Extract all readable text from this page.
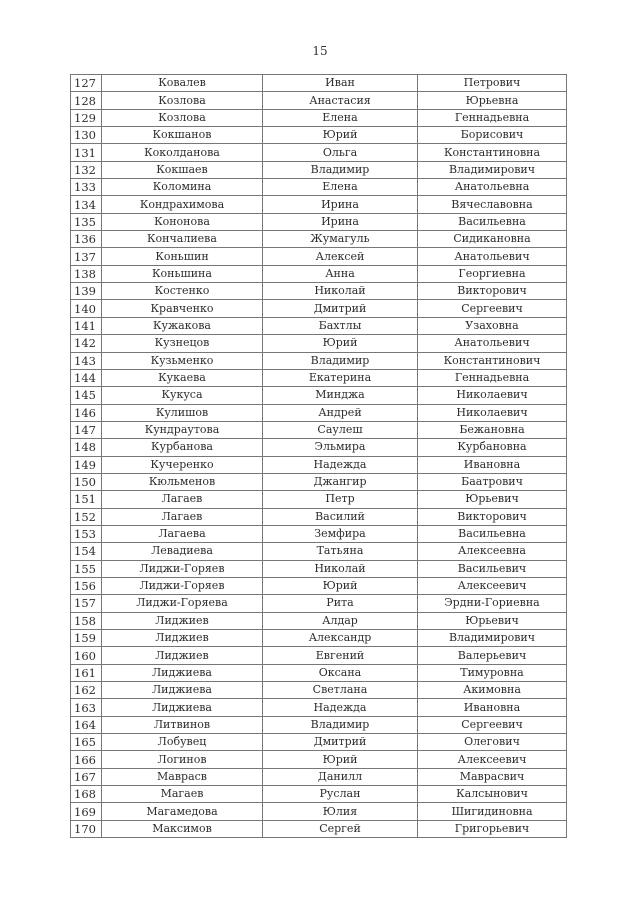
15
127	Ковалев	Иван	Петрович
128	Козлова	Анастасия	Юрьевна
129	Козлова	Елена	Геннадьевна
130	Кокшанов	Юрий	Борисович
131	Коколданова	Ольга	Константиновна
132	Кокшаев	Владимир	Владимирович
133	Коломина	Елена	Анатольевна
134	Кондрахимова	Ирина	Вячеславовна
135	Кононова	Ирина	Васильевна
136	Кончалиева	Жумагуль	Сидикановна
137	Коньшин	Алексей	Анатольевич
138	Коньшина	Анна	Георгиевна
139	Костенко	Николай	Викторович
140	Кравченко	Дмитрий	Сергеевич
141	Кужакова	Бахтлы	Узаховна
142	Кузнецов	Юрий	Анатольевич
143	Кузьменко	Владимир	Константинович
144	Кукаева	Екатерина	Геннадьевна
145	Кукуса	Минджа	Николаевич
146	Кулишов	Андрей	Николаевич
147	Кундраутова	Саулеш	Бежановна
148	Курбанова	Эльмира	Курбановна
149	Кучеренко	Надежда	Ивановна
150	Кюльменов	Джангир	Баатрович
151	Лагаев	Петр	Юрьевич
152	Лагаев	Василий	Викторович
153	Лагаева	Земфира	Васильевна
154	Левадиева	Татьяна	Алексеевна
155	Лиджи-Горяев	Николай	Васильевич
156	Лиджи-Горяев	Юрий	Алексеевич
157	Лиджи-Горяева	Рита	Эрдни-Гориевна
158	Лиджиев	Алдар	Юрьевич
159	Лиджиев	Александр	Владимирович
160	Лиджиев	Евгений	Валерьевич
161	Лиджиева	Оксана	Тимуровна
162	Лиджиева	Светлана	Акимовна
163	Лиджиева	Надежда	Ивановна
164	Литвинов	Владимир	Сергеевич
165	Лобувец	Дмитрий	Олегович
166	Логинов	Юрий	Алексеевич
167	Маврасв	Данилл	Маврасвич
168	Магаев	Руслан	Калсынович
169	Магамедова	Юлия	Шигидиновна
170	Максимов	Сергей	Григорьевич
